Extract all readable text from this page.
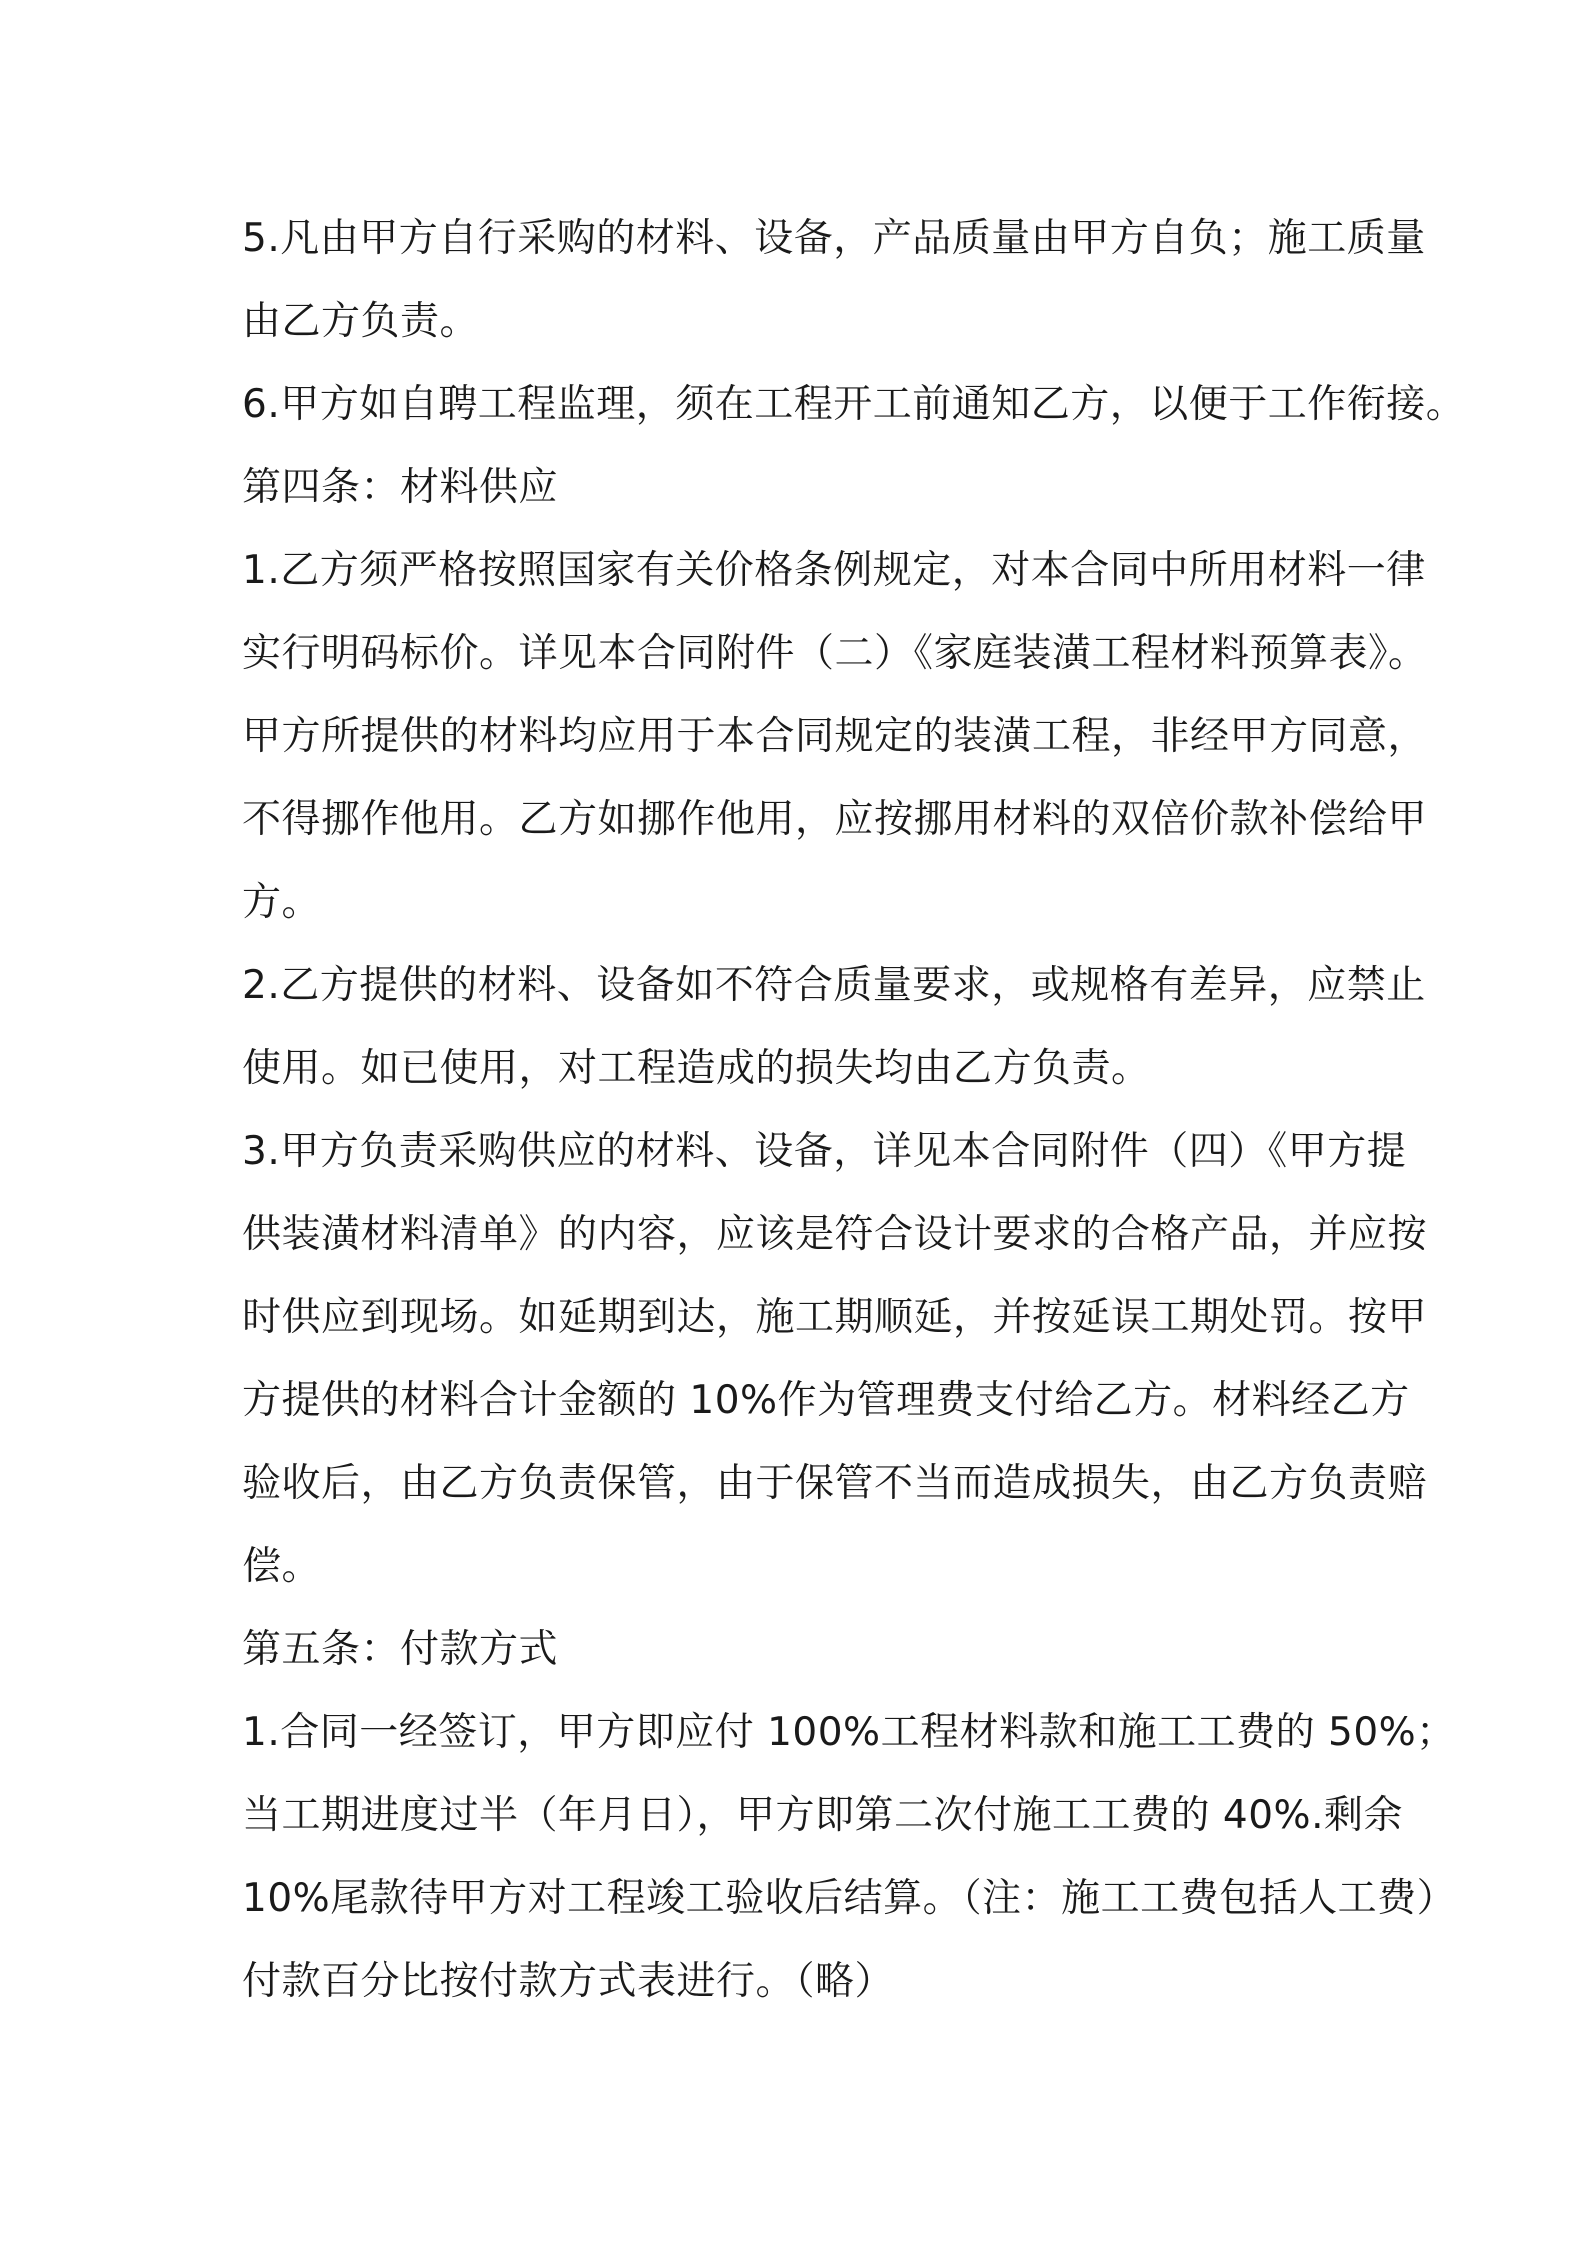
5.凡由甲方自行采购的材料、设备，产品质量由甲方自负；施工质量
由乙方负责。
6.甲方如自聘工程监理，须在工程开工前通知乙方，以便于工作衔接。
第四条：材料供应
1.乙方须严格按照国家有关价格条例规定，对本合同中所用材料一律
实行明码标价。详见本合同附件（二）《家庭装潢工程材料预算表》。
甲方所提供的材料均应用于本合同规定的装潢工程，非经甲方同意，
不得挪作他用。乙方如挪作他用，应按挪用材料的双倍价款补偿给甲
方。
2.乙方提供的材料、设备如不符合质量要求，或规格有差异，应禁止
使用。如已使用，对工程造成的损失均由乙方负责。
3.甲方负责采购供应的材料、设备，详见本合同附件（四）《甲方提
供装潢材料清单》的内容，应该是符合设计要求的合格产品，并应按
时供应到现场。如延期到达，施工期顺延，并按延误工期处罚。按甲
方提供的材料合计金额的 10%作为管理费支付给乙方。材料经乙方
验收后，由乙方负责保管，由于保管不当而造成损失，由乙方负责赔
偿。
第五条：付款方式
1.合同一经签订，甲方即应付 100%工程材料款和施工工费的 50%；
当工期进度过半（年月日），甲方即第二次付施工工费的 40%.剩余
10%尾款待甲方对工程竣工验收后结算。（注：施工工费包括人工费）
付款百分比按付款方式表进行。（略）
